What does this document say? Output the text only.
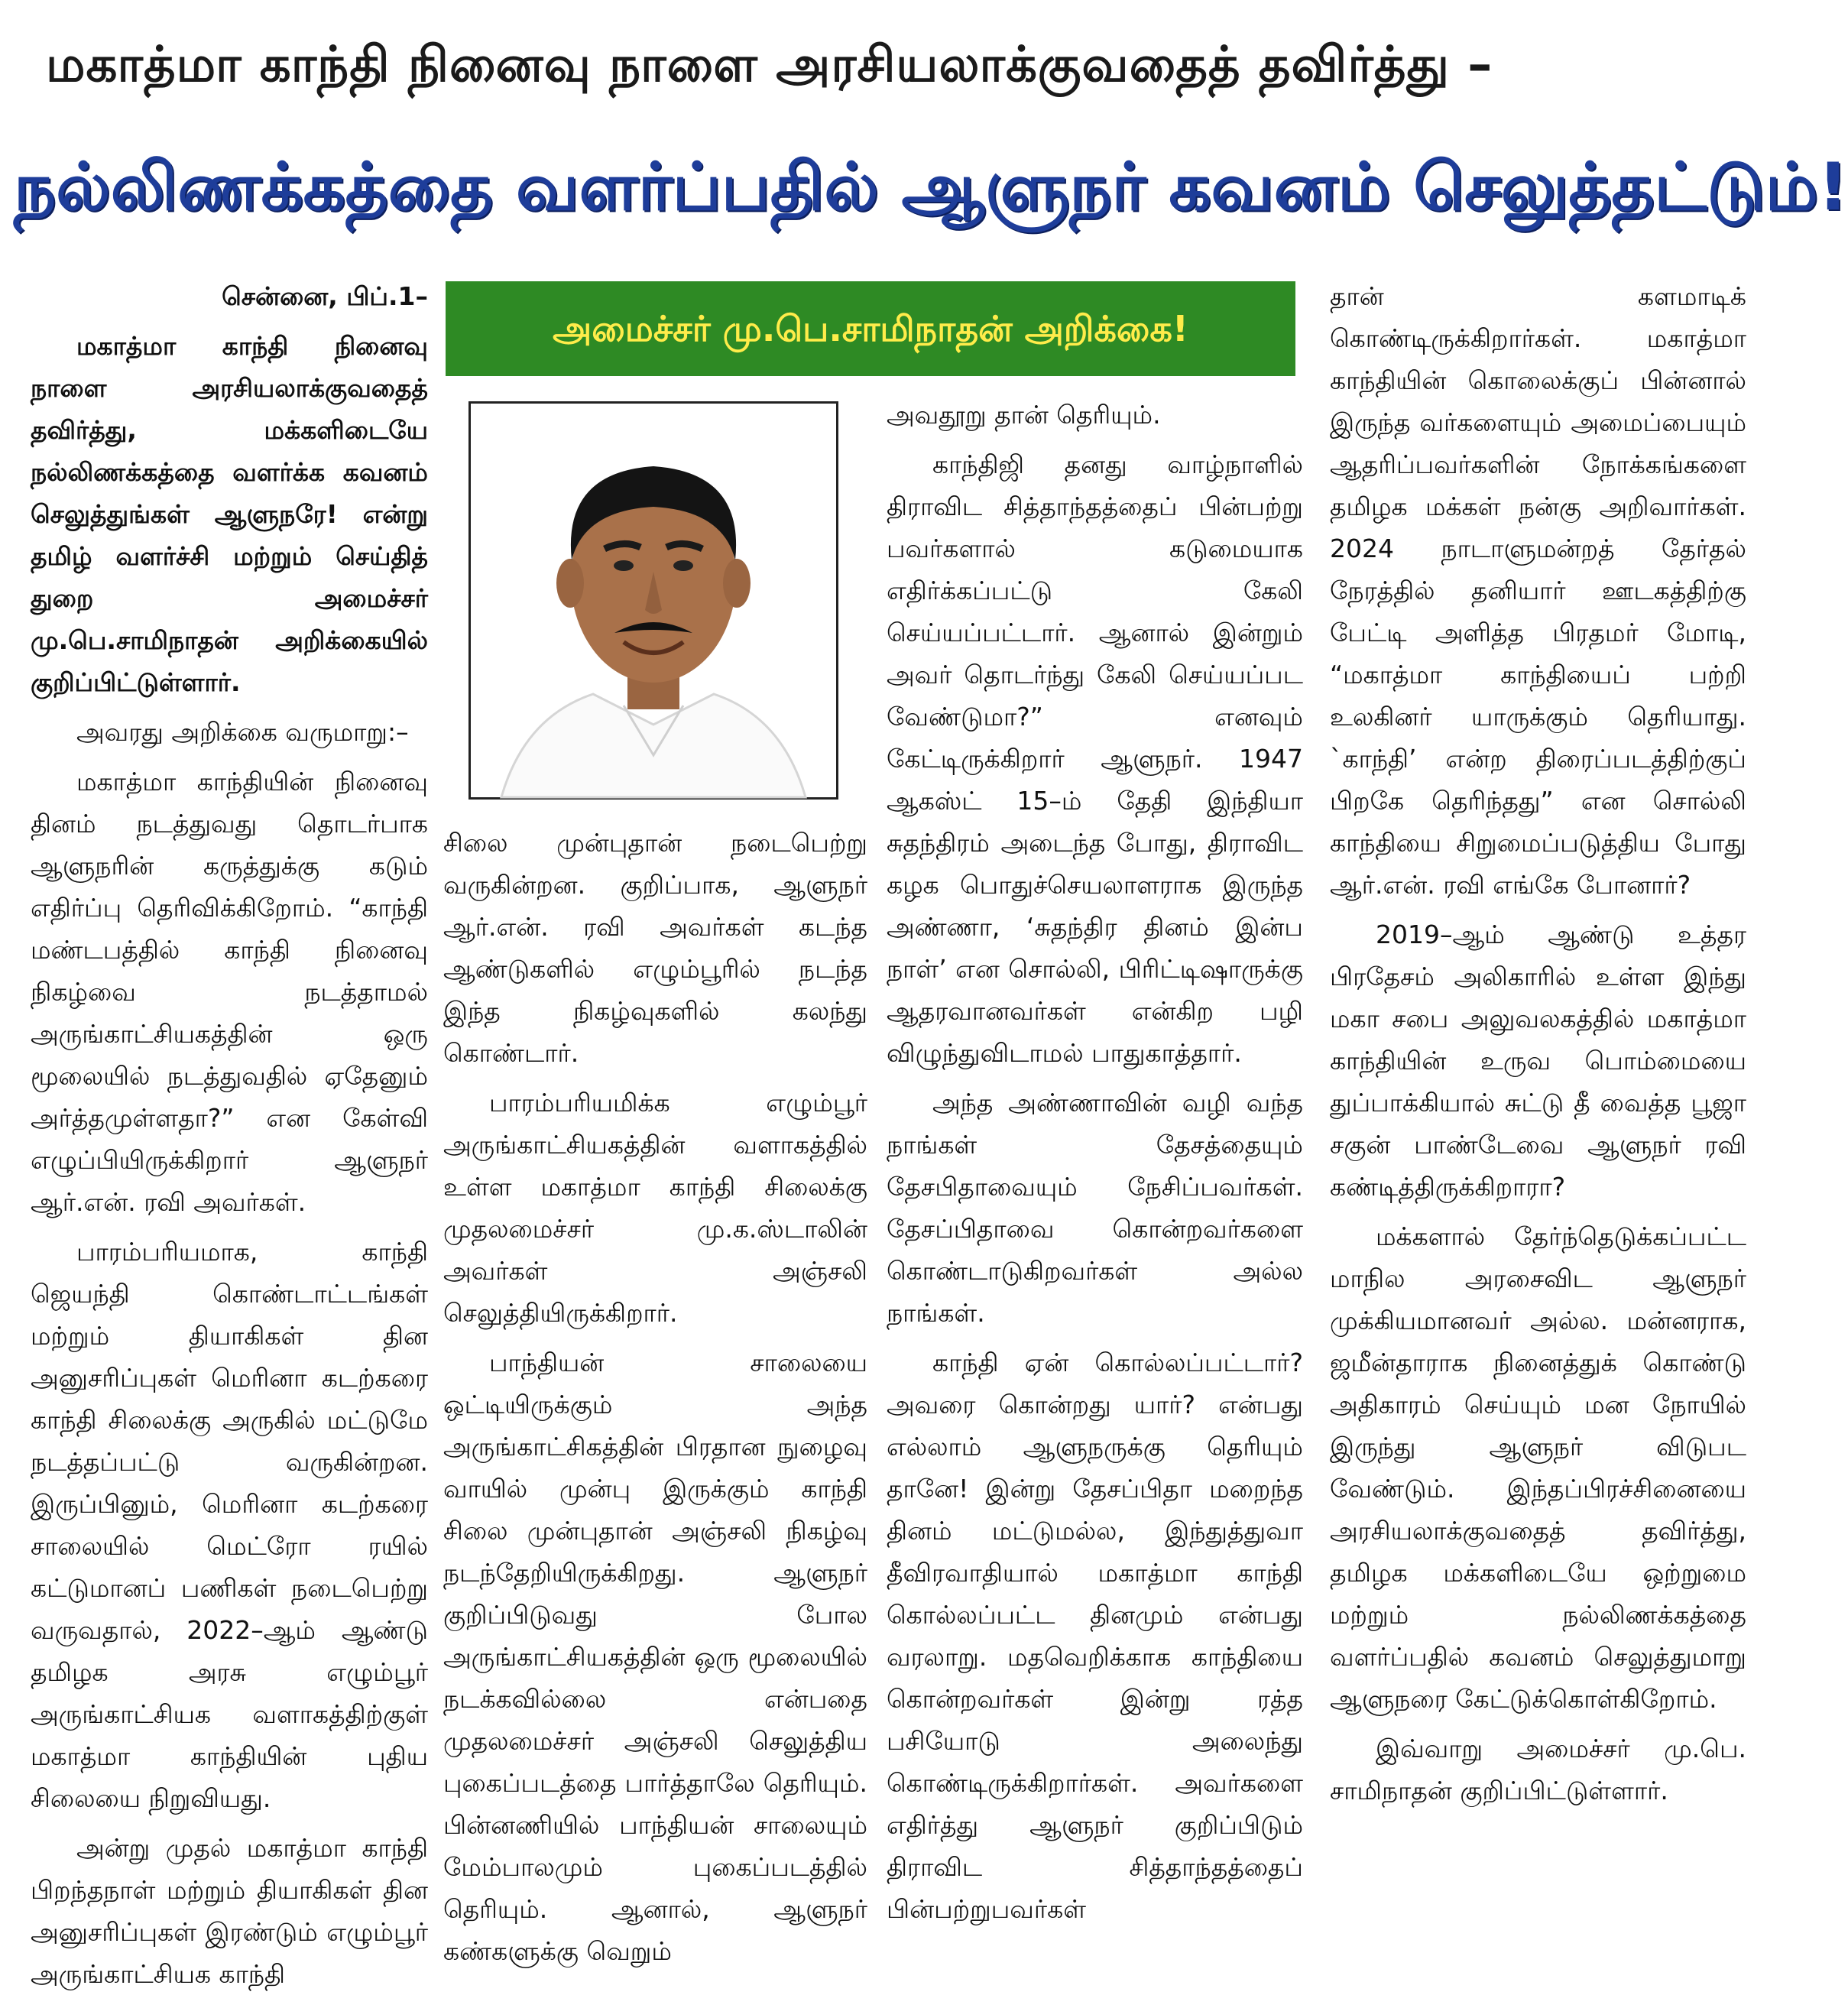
மகாத்மா காந்தி நினைவு நாளை அரசியலாக்குவதைத் தவிர்த்து –
நல்லிணக்கத்தை வளர்ப்பதில் ஆளுநர் கவனம் செலுத்தட்டும்!
அமைச்சர் மு.பெ.சாமிநாதன் அறிக்கை!

சென்னை, பிப்.1–

மகாத்மா காந்தி நினைவு நாளை அரசியலாக்குவதைத் தவிர்த்து, மக்களிடையே நல்லிணக்கத்தை வளர்க்க கவனம் செலுத்துங்கள் ஆளுநரே! என்று தமிழ் வளர்ச்சி மற்றும் செய்தித் துறை அமைச்சர் மு.பெ.சாமிநாதன் அறிக்கையில் குறிப்பிட்டுள்ளார்.

அவரது அறிக்கை வருமாறு:–

மகாத்மா காந்தியின் நினைவு தினம் நடத்துவது தொடர்பாக ஆளுநரின் கருத்துக்கு கடும் எதிர்ப்பு தெரிவிக்கிறோம். “காந்தி மண்டபத்தில் காந்தி நினைவு நிகழ்வை நடத்தாமல் அருங்காட்சியகத்தின் ஒரு மூலையில் நடத்துவதில் ஏதேனும் அர்த்தமுள்ளதா?” என கேள்வி எழுப்பியிருக்கிறார் ஆளுநர் ஆர்.என். ரவி அவர்கள்.

பாரம்பரியமாக, காந்தி ஜெயந்தி கொண்டாட்டங்கள் மற்றும் தியாகிகள் தின அனுசரிப்புகள் மெரினா கடற்கரை காந்தி சிலைக்கு அருகில் மட்டுமே நடத்தப்பட்டு வருகின்றன. இருப்பினும், மெரினா கடற்கரை சாலையில் மெட்ரோ ரயில் கட்டுமானப் பணிகள் நடைபெற்று வருவதால், 2022–ஆம் ஆண்டு தமிழக அரசு எழும்பூர் அருங்காட்சியக வளாகத்திற்குள் மகாத்மா காந்தியின் புதிய சிலையை நிறுவியது.

அன்று முதல் மகாத்மா காந்தி பிறந்தநாள் மற்றும் தியாகிகள் தின அனுசரிப்புகள் இரண்டும் எழும்பூர் அருங்காட்சியக காந்தி

சிலை முன்புதான் நடைபெற்று வருகின்றன. குறிப்பாக, ஆளுநர் ஆர்.என். ரவி அவர்கள் கடந்த ஆண்டுகளில் எழும்பூரில் நடந்த இந்த நிகழ்வுகளில் கலந்து கொண்டார்.

பாரம்பரியமிக்க எழும்பூர் அருங்காட்சியகத்தின் வளாகத்தில் உள்ள மகாத்மா காந்தி சிலைக்கு முதலமைச்சர் மு.க.ஸ்டாலின் அவர்கள் அஞ்சலி செலுத்தியிருக்கிறார்.

பாந்தியன் சாலையை ஒட்டியிருக்கும் அந்த அருங்காட்சிகத்தின் பிரதான நுழைவு வாயில் முன்பு இருக்கும் காந்தி சிலை முன்புதான் அஞ்சலி நிகழ்வு நடந்தேறியிருக்கிறது. ஆளுநர் குறிப்பிடுவது போல அருங்காட்சியகத்தின் ஒரு மூலையில் நடக்கவில்லை என்பதை முதலமைச்சர் அஞ்சலி செலுத்திய புகைப்படத்தை பார்த்தாலே தெரியும். பின்னணியில் பாந்தியன் சாலையும் மேம்பாலமும் புகைப்படத்தில் தெரியும். ஆனால், ஆளுநர் கண்களுக்கு வெறும்

அவதூறு தான் தெரியும்.

காந்திஜி தனது வாழ்நாளில் திராவிட சித்தாந்தத்தைப் பின்பற்று பவர்களால் கடுமையாக எதிர்க்கப்பட்டு கேலி செய்யப்பட்டார். ஆனால் இன்றும் அவர் தொடர்ந்து கேலி செய்யப்பட வேண்டுமா?” எனவும் கேட்டிருக்கிறார் ஆளுநர். 1947 ஆகஸ்ட் 15–ம் தேதி இந்தியா சுதந்திரம் அடைந்த போது, திராவிட கழக பொதுச்செயலாளராக இருந்த அண்ணா, ‘சுதந்திர தினம் இன்ப நாள்’ என சொல்லி, பிரிட்டிஷாருக்கு ஆதரவானவர்கள் என்கிற பழி விழுந்துவிடாமல் பாதுகாத்தார்.

அந்த அண்ணாவின் வழி வந்த நாங்கள் தேசத்தையும் தேசபிதாவையும் நேசிப்பவர்கள். தேசப்பிதாவை கொன்றவர்களை கொண்டாடுகிறவர்கள் அல்ல நாங்கள்.

காந்தி ஏன் கொல்லப்பட்டார்? அவரை கொன்றது யார்? என்பது எல்லாம் ஆளுநருக்கு தெரியும் தானே! இன்று தேசப்பிதா மறைந்த தினம் மட்டுமல்ல, இந்துத்துவா தீவிரவாதியால் மகாத்மா காந்தி கொல்லப்பட்ட தினமும் என்பது வரலாறு. மதவெறிக்காக காந்தியை கொன்றவர்கள் இன்று ரத்த பசியோடு அலைந்து கொண்டிருக்கிறார்கள். அவர்களை எதிர்த்து ஆளுநர் குறிப்பிடும் திராவிட சித்தாந்தத்தைப் பின்பற்றுபவர்கள்

தான் களமாடிக் கொண்டிருக்கிறார்கள். மகாத்மா காந்தியின் கொலைக்குப் பின்னால் இருந்த வர்களையும் அமைப்பையும் ஆதரிப்பவர்களின் நோக்கங்களை தமிழக மக்கள் நன்கு அறிவார்கள். 2024 நாடாளுமன்றத் தேர்தல் நேரத்தில் தனியார் ஊடகத்திற்கு பேட்டி அளித்த பிரதமர் மோடி, “மகாத்மா காந்தியைப் பற்றி உலகினர் யாருக்கும் தெரியாது. `காந்தி’ என்ற திரைப்படத்திற்குப் பிறகே தெரிந்தது” என சொல்லி காந்தியை சிறுமைப்படுத்திய போது ஆர்.என். ரவி எங்கே போனார்?

2019–ஆம் ஆண்டு உத்தர பிரதேசம் அலிகாரில் உள்ள இந்து மகா சபை அலுவலகத்தில் மகாத்மா காந்தியின் உருவ பொம்மையை துப்பாக்கியால் சுட்டு தீ வைத்த பூஜா சகுன் பாண்டேவை ஆளுநர் ரவி கண்டித்திருக்கிறாரா?

மக்களால் தேர்ந்தெடுக்கப்பட்ட மாநில அரசைவிட ஆளுநர் முக்கியமானவர் அல்ல. மன்னராக, ஜமீன்தாராக நினைத்துக் கொண்டு அதிகாரம் செய்யும் மன நோயில் இருந்து ஆளுநர் விடுபட வேண்டும். இந்தப்பிரச்சினையை அரசியலாக்குவதைத் தவிர்த்து, தமிழக மக்களிடையே ஒற்றுமை மற்றும் நல்லிணக்கத்தை வளர்ப்பதில் கவனம் செலுத்துமாறு ஆளுநரை கேட்டுக்கொள்கிறோம்.

இவ்வாறு அமைச்சர் மு.பெ. சாமிநாதன் குறிப்பிட்டுள்ளார்.
